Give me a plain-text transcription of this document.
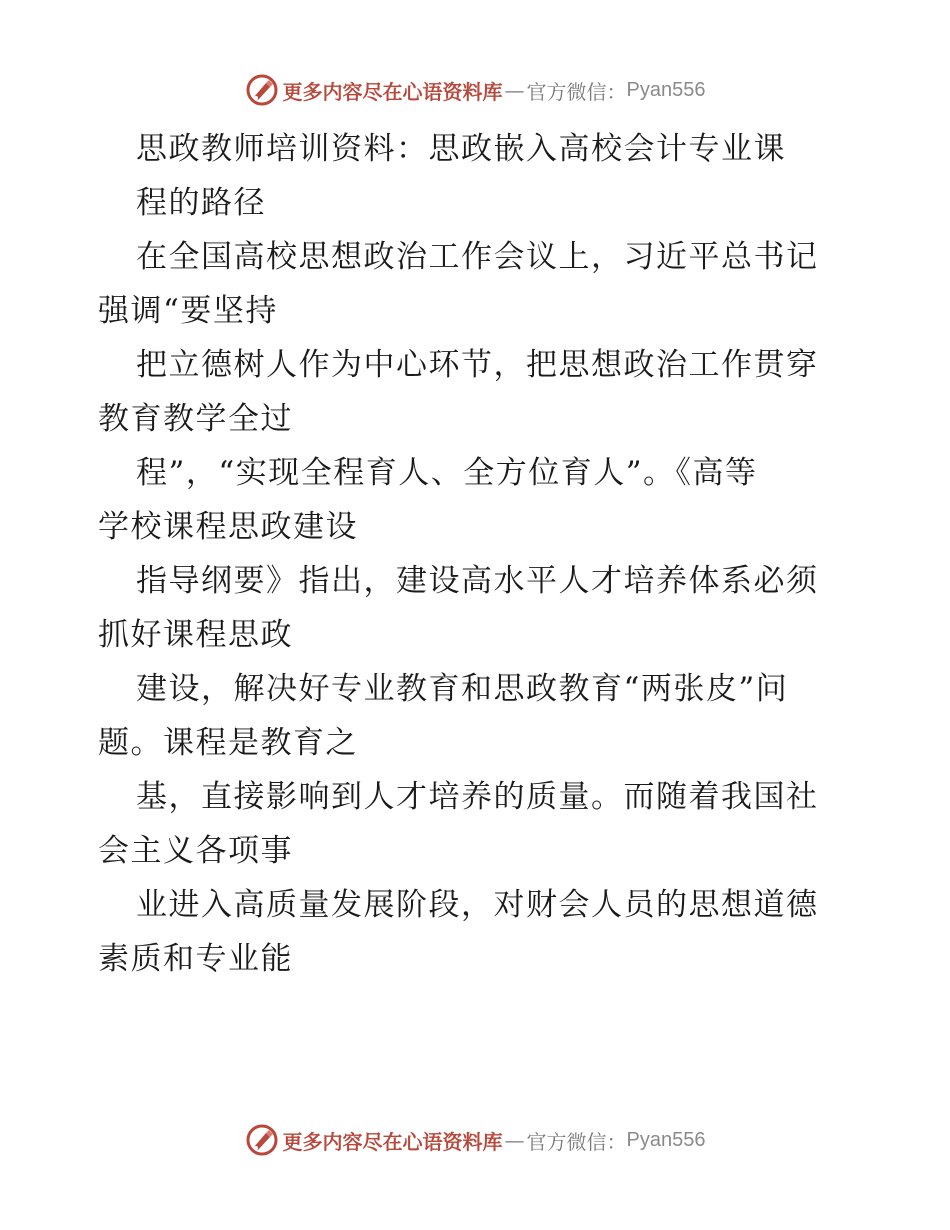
更多内容尽在心语资料库 — 官方微信： Pyan556
思政教师培训资料：思政嵌入高校会计专业课
程的路径
在全国高校思想政治工作会议上，习近平总书记
强调“要坚持
把立德树人作为中心环节，把思想政治工作贯穿
教育教学全过
程”，“实现全程育人、全方位育人”。《高等
学校课程思政建设
指导纲要》指出，建设高水平人才培养体系必须
抓好课程思政
建设，解决好专业教育和思政教育“两张皮”问
题。课程是教育之
基，直接影响到人才培养的质量。而随着我国社
会主义各项事
业进入高质量发展阶段，对财会人员的思想道德
素质和专业能
更多内容尽在心语资料库 — 官方微信： Pyan556
